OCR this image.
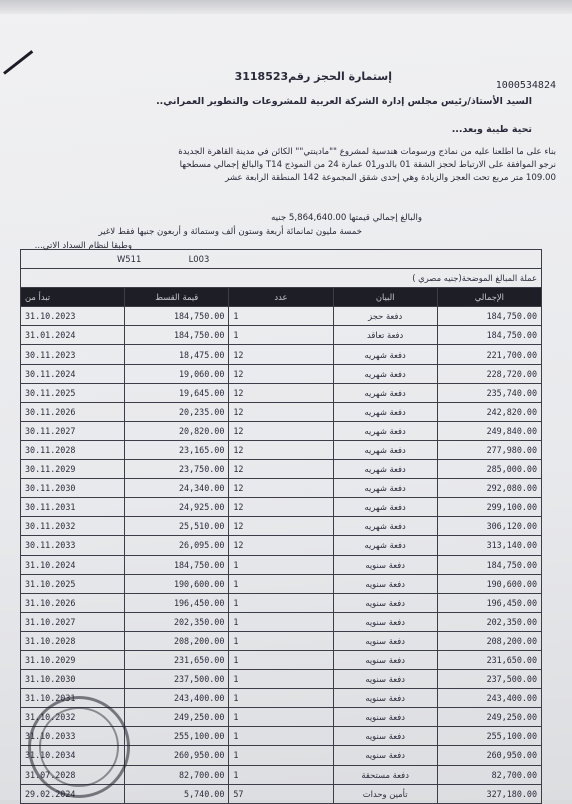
إستمارة الحجز رقم3118523
1000534824
السيد الأستاذ/رئيس مجلس إدارة الشركة العربية للمشروعات والتطوير العمراني..
تحية طيبة وبعد...
بناء على ما اطلعنا عليه من نماذج ورسومات هندسية لمشروع ""مادينتي"" الكائن في مدينة القاهرة الجديدة
نرجو الموافقة على الارتباط لحجز الشقة 01 بالدور01 عمارة 24 من النموذج T14 والبالغ إجمالي مسطحها
109.00 متر مربع تحت العجز والزيادة وهي إحدى شقق المجموعة 142 المنطقة الرابعة عشر
والبالغ إجمالي قيمتها 5,864,640.00 جنيه
خمسة مليون ثمانمائة أربعة وستون ألف وستمائة و أربعون جنيها فقط لاغير
وطبقا لنظام السداد الاتي...
W511 L003				
عملة المبالغ الموضحة(جنيه مصري )				
تبدأ من	قيمة القسط	عدد	البيان	الإجمالي
31.10.2023	184,750.00	1	دفعة حجز	184,750.00
31.01.2024	184,750.00	1	دفعة تعاقد	184,750.00
30.11.2023	18,475.00	12	دفعة شهريه	221,700.00
30.11.2024	19,060.00	12	دفعة شهريه	228,720.00
30.11.2025	19,645.00	12	دفعة شهريه	235,740.00
30.11.2026	20,235.00	12	دفعة شهريه	242,820.00
30.11.2027	20,820.00	12	دفعة شهريه	249,840.00
30.11.2028	23,165.00	12	دفعة شهريه	277,980.00
30.11.2029	23,750.00	12	دفعة شهريه	285,000.00
30.11.2030	24,340.00	12	دفعة شهريه	292,080.00
30.11.2031	24,925.00	12	دفعة شهريه	299,100.00
30.11.2032	25,510.00	12	دفعة شهريه	306,120.00
30.11.2033	26,095.00	12	دفعة شهريه	313,140.00
31.10.2024	184,750.00	1	دفعة سنويه	184,750.00
31.10.2025	190,600.00	1	دفعة سنويه	190,600.00
31.10.2026	196,450.00	1	دفعة سنويه	196,450.00
31.10.2027	202,350.00	1	دفعة سنويه	202,350.00
31.10.2028	208,200.00	1	دفعة سنويه	208,200.00
31.10.2029	231,650.00	1	دفعة سنويه	231,650.00
31.10.2030	237,500.00	1	دفعة سنويه	237,500.00
31.10.2031	243,400.00	1	دفعة سنويه	243,400.00
31.10.2032	249,250.00	1	دفعة سنويه	249,250.00
31.10.2033	255,100.00	1	دفعة سنويه	255,100.00
31.10.2034	260,950.00	1	دفعة سنويه	260,950.00
31.07.2028	82,700.00	1	دفعة مستحقة	82,700.00
29.02.2024	5,740.00	57	تأمين وحدات	327,180.00
